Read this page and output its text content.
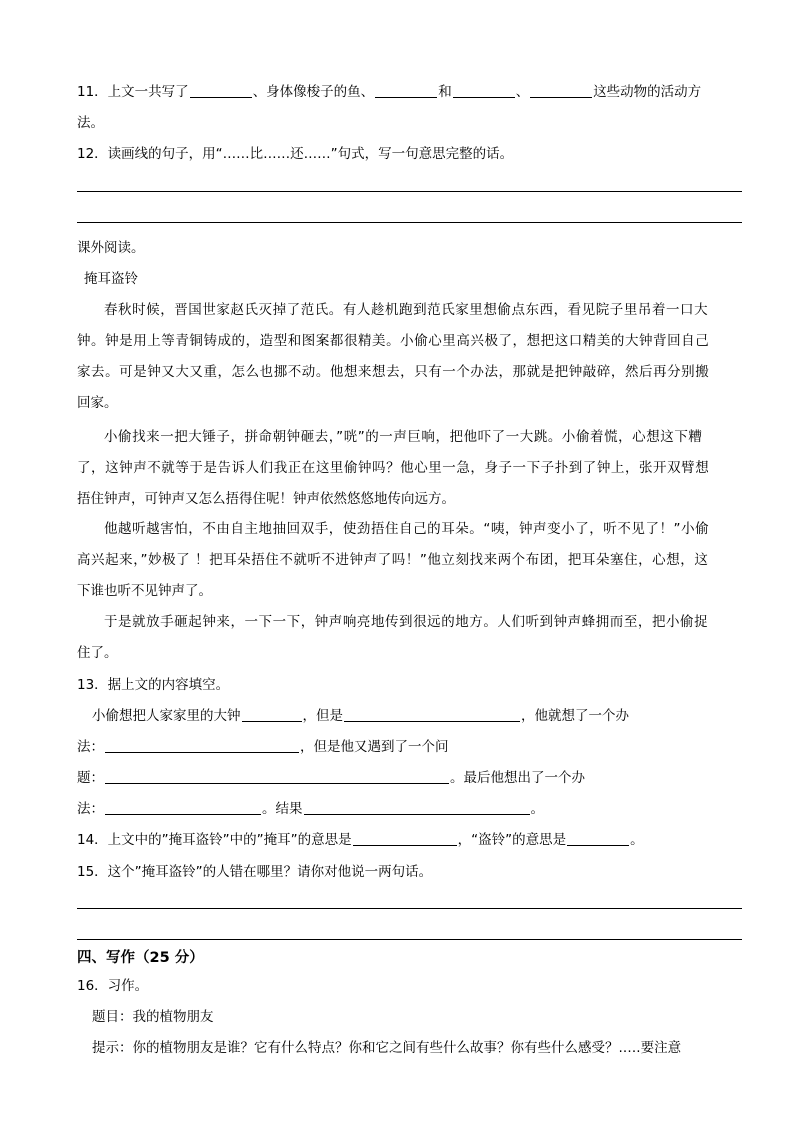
11．上文一共写了	、身体像梭子的鱼、	和	、	这些动物的活动方
法。
12．读画线的句子，用“……比……还……”句式，写一句意思完整的话。
课外阅读。
掩耳盗铃
春秋时候，晋国世家赵氏灭掉了范氏。有人趁机跑到范氏家里想偷点东西，看见院子里吊着一口大
钟。钟是用上等青铜铸成的，造型和图案都很精美。小偷心里高兴极了，想把这口精美的大钟背回自己
家去。可是钟又大又重，怎么也挪不动。他想来想去，只有一个办法，那就是把钟敲碎，然后再分别搬
回家。
小偷找来一把大锤子，拼命朝钟砸去，”咣”的一声巨响，把他吓了一大跳。小偷着慌，心想这下糟
了，这钟声不就等于是告诉人们我正在这里偷钟吗？他心里一急，身子一下子扑到了钟上，张开双臂想
捂住钟声，可钟声又怎么捂得住呢！钟声依然悠悠地传向远方。
他越听越害怕，不由自主地抽回双手，使劲捂住自己的耳朵。“咦，钟声变小了，听不见了！”小偷
高兴起来，”妙极了 ！把耳朵捂住不就听不进钟声了吗！”他立刻找来两个布团，把耳朵塞住，心想，这
下谁也听不见钟声了。
于是就放手砸起钟来，一下一下，钟声响亮地传到很远的地方。人们听到钟声蜂拥而至，把小偷捉
住了。
13．据上文的内容填空。
小偷想把人家家里的大钟	，但是	，他就想了一个办
法：	，但是他又遇到了一个问
题：	。最后他想出了一个办
法：	。结果	。
14．上文中的”掩耳盗铃”中的”掩耳”的意思是	，“盗铃”的意思是	。
15．这个”掩耳盗铃”的人错在哪里？请你对他说一两句话。
四、写作（25 分）
16．习作。
题目：我的植物朋友
提示：你的植物朋友是谁？它有什么特点？你和它之间有些什么故事？你有些什么感受？.….要注意
